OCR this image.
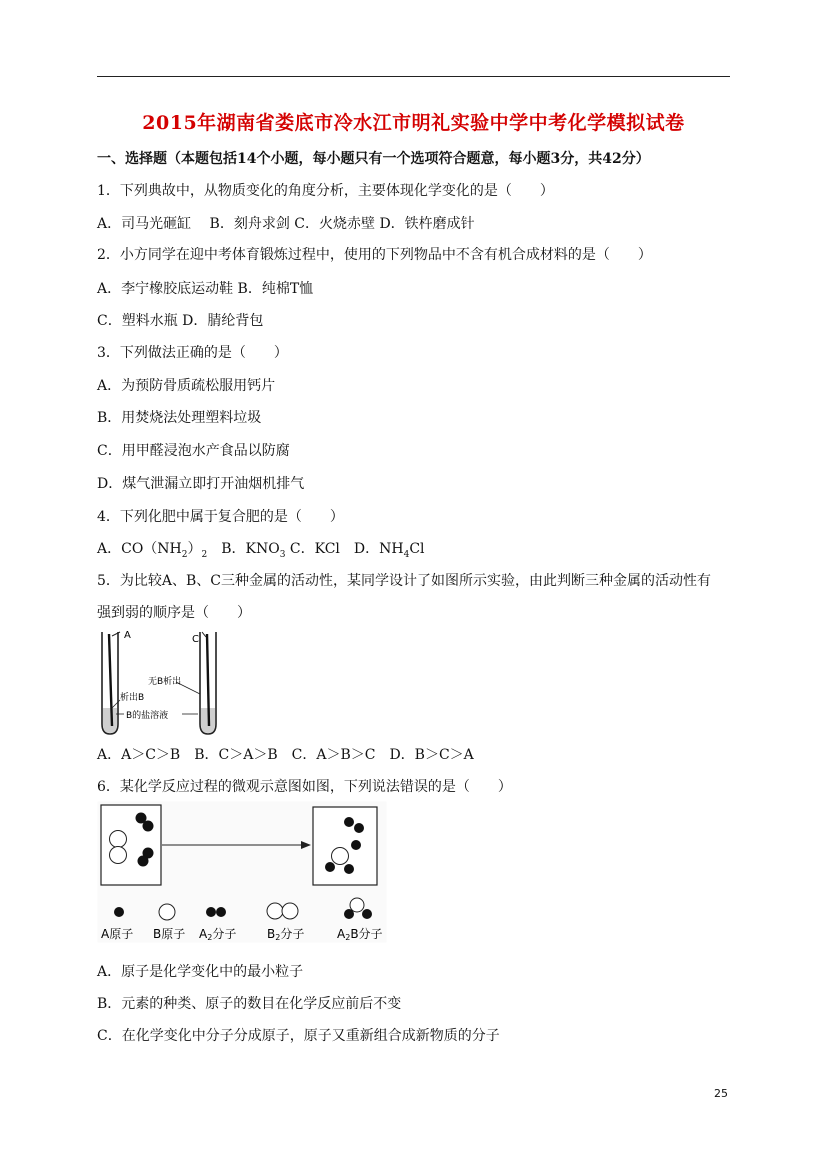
2015年湖南省娄底市冷水江市明礼实验中学中考化学模拟试卷
一、选择题（本题包括14个小题，每小题只有一个选项符合题意，每小题3分，共42分）
1．下列典故中，从物质变化的角度分析，主要体现化学变化的是（　　）
A．司马光砸缸　 B．刻舟求剑 C．火烧赤壁 D．铁杵磨成针
2．小方同学在迎中考体育锻炼过程中，使用的下列物品中不含有机合成材料的是（　　）
A．李宁橡胶底运动鞋 B．纯棉T恤
C．塑料水瓶 D．腈纶背包
3．下列做法正确的是（　　）
A．为预防骨质疏松服用钙片
B．用焚烧法处理塑料垃圾
C．用甲醛浸泡水产食品以防腐
D．煤气泄漏立即打开油烟机排气
4．下列化肥中属于复合肥的是（　　）
A．$CO(NH_2)_2$　B．$KNO_3$ C．KCl　D．$NH_4Cl$
5．为比较A、B、C三种金属的活动性，某同学设计了如图所示实验，由此判断三种金属的活动性有
强到弱的顺序是（　　）
A	C
无B析出
析出B
B的盐溶液
A．A＞C＞B　B．C＞A＞B　C．A＞B＞C　D．B＞C＞A
6．某化学反应过程的微观示意图如图，下列说法错误的是（　　）
A原子 B原子 A2分子	B2分子	A2B分子
A．原子是化学变化中的最小粒子
B．元素的种类、原子的数目在化学反应前后不变
C．在化学变化中分子分成原子，原子又重新组合成新物质的分子
25
